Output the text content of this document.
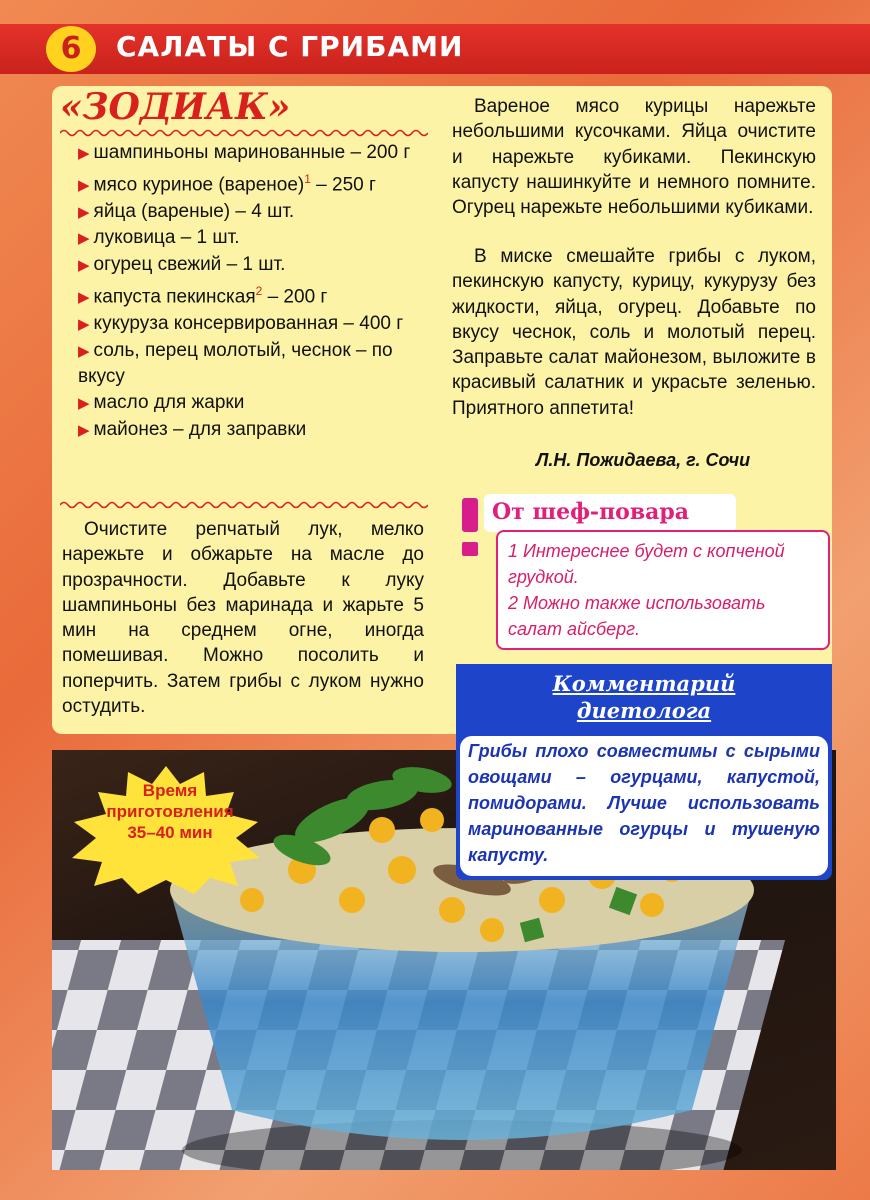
6	САЛАТЫ С ГРИБАМИ
«ЗОДИАК»
▶ шампиньоны маринованные – 200 г
▶ мясо куриное (вареное)$^1$ – 250 г
▶ яйца (вареные) – 4 шт.
▶ луковица – 1 шт.
▶ огурец свежий – 1 шт.
▶ капуста пекинская$^2$ – 200 г
▶ кукуруза консервированная – 400 г
▶ соль, перец молотый, чеснок – по вкусу
▶ масло для жарки
▶ майонез – для заправки

Очистите репчатый лук, мелко нарежьте и обжарьте на масле до прозрачности. Добавьте к луку шампиньоны без маринада и жарьте 5 мин на среднем огне, иногда помешивая. Можно посолить и поперчить. Затем грибы с луком нужно остудить.

Вареное мясо курицы нарежьте небольшими кусочками. Яйца очистите и нарежьте кубиками. Пекинскую капусту нашинкуйте и немного помните. Огурец нарежьте небольшими кубиками.

В миске смешайте грибы с луком, пекинскую капусту, курицу, кукурузу без жидкости, яйца, огурец. Добавьте по вкусу чеснок, соль и молотый перец. Заправьте салат майонезом, выложите в красивый салатник и украсьте зеленью. Приятного аппетита!

Л.Н. Пожидаева, г. Сочи
От шеф-повара

1 Интереснее будет с копченой грудкой.

2 Можно также использовать салат айсберг.

Время
приготовления
35–40 мин
Комментарий
диетолога
Грибы плохо совместимы с сырыми овощами – огурцами, капустой, помидорами. Лучше использовать маринованные огурцы и тушеную капусту.
